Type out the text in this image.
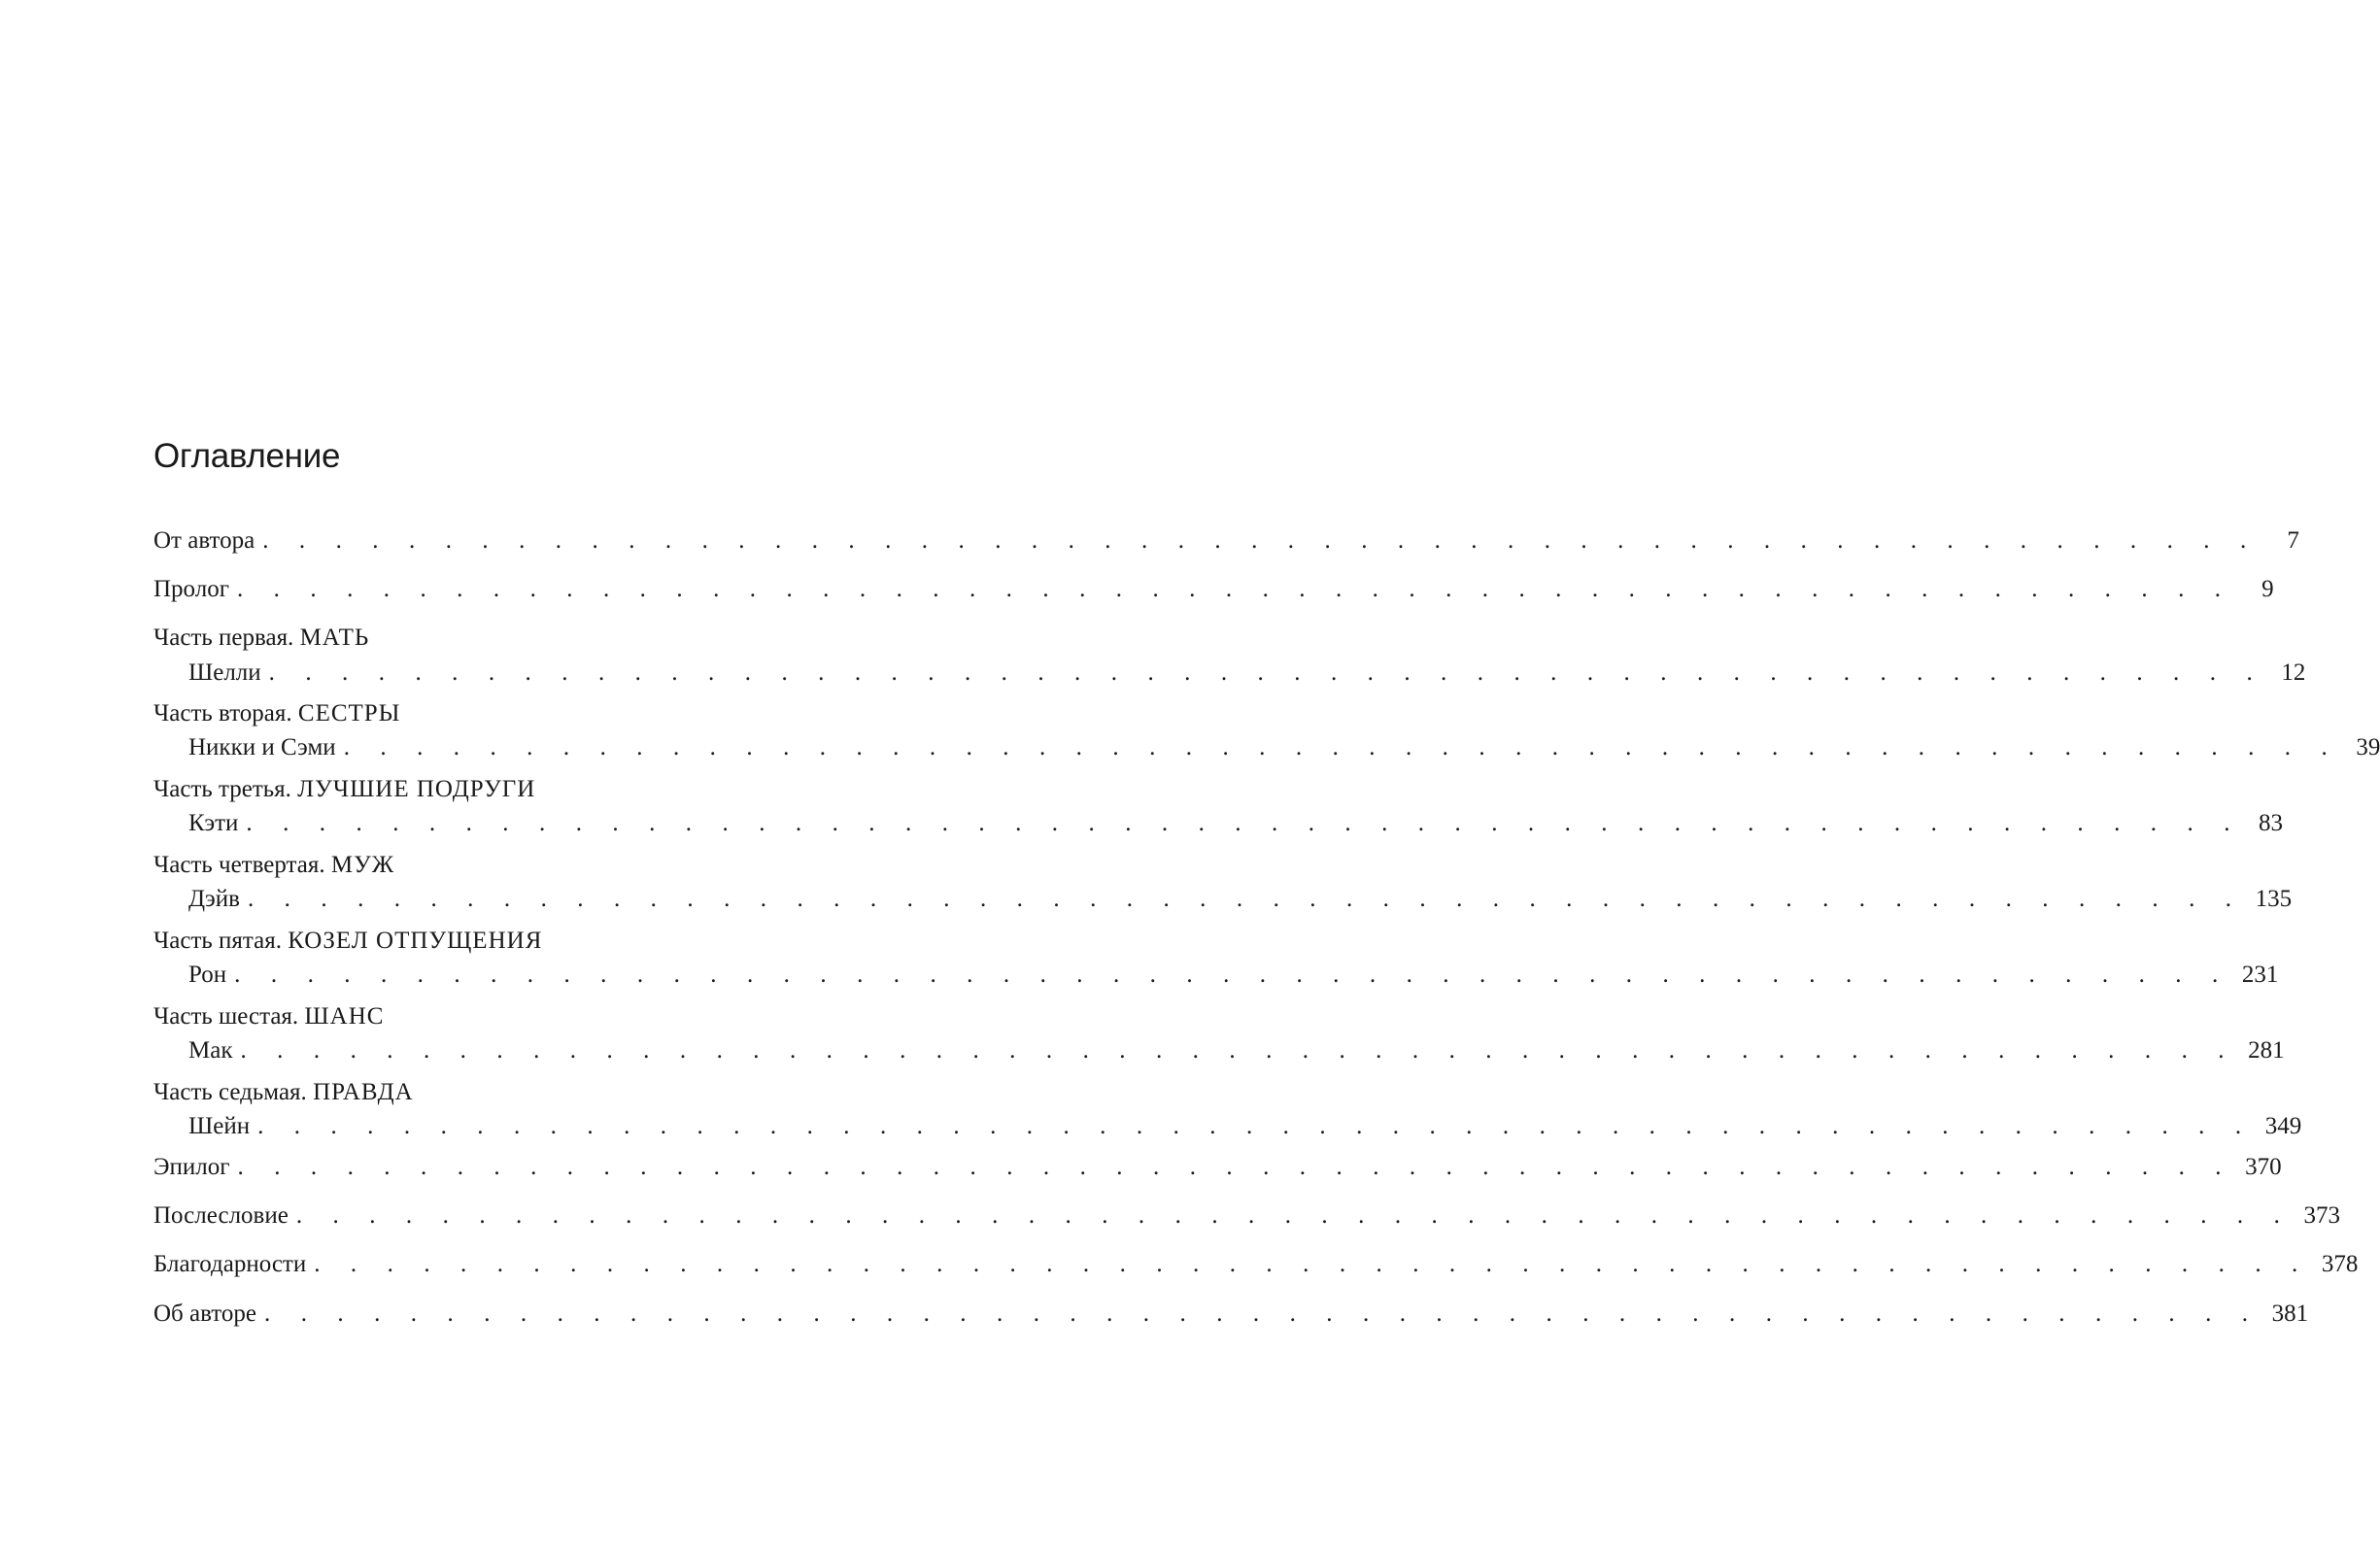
Оглавление
От автора . . . . . . . . . . . . . . . . . . . . . . . . . . . . . . . . . . . . . . . . . . . . . . . . . . . . . . .	7
Пролог . . . . . . . . . . . . . . . . . . . . . . . . . . . . . . . . . . . . . . . . . . . . . . . . . . . . . . .	9
Часть первая. МАТЬ
Шелли . . . . . . . . . . . . . . . . . . . . . . . . . . . . . . . . . . . . . . . . . . . . . . . . . . . . . . . 12
Часть вторая. СЕСТРЫ
Никки и Сэми . . . . . . . . . . . . . . . . . . . . . . . . . . . . . . . . . . . . . . . . . . . . . . . . . . . . . . . 39
Часть третья. ЛУЧШИЕ ПОДРУГИ
Кэти . . . . . . . . . . . . . . . . . . . . . . . . . . . . . . . . . . . . . . . . . . . . . . . . . . . . . . . 83
Часть четвертая. МУЖ
Дэйв . . . . . . . . . . . . . . . . . . . . . . . . . . . . . . . . . . . . . . . . . . . . . . . . . . . . . . . 135
Часть пятая. КОЗЕЛ ОТПУЩЕНИЯ
Рон . . . . . . . . . . . . . . . . . . . . . . . . . . . . . . . . . . . . . . . . . . . . . . . . . . . . . . . 231
Часть шестая. ШАНС
Мак . . . . . . . . . . . . . . . . . . . . . . . . . . . . . . . . . . . . . . . . . . . . . . . . . . . . . . . 281
Часть седьмая. ПРАВДА
Шейн . . . . . . . . . . . . . . . . . . . . . . . . . . . . . . . . . . . . . . . . . . . . . . . . . . . . . . . 349
Эпилог . . . . . . . . . . . . . . . . . . . . . . . . . . . . . . . . . . . . . . . . . . . . . . . . . . . . . . . 370
Послесловие . . . . . . . . . . . . . . . . . . . . . . . . . . . . . . . . . . . . . . . . . . . . . . . . . . . . . . . 373
Благодарности . . . . . . . . . . . . . . . . . . . . . . . . . . . . . . . . . . . . . . . . . . . . . . . . . . . . . . . 378
Об авторе . . . . . . . . . . . . . . . . . . . . . . . . . . . . . . . . . . . . . . . . . . . . . . . . . . . . . . . 381
